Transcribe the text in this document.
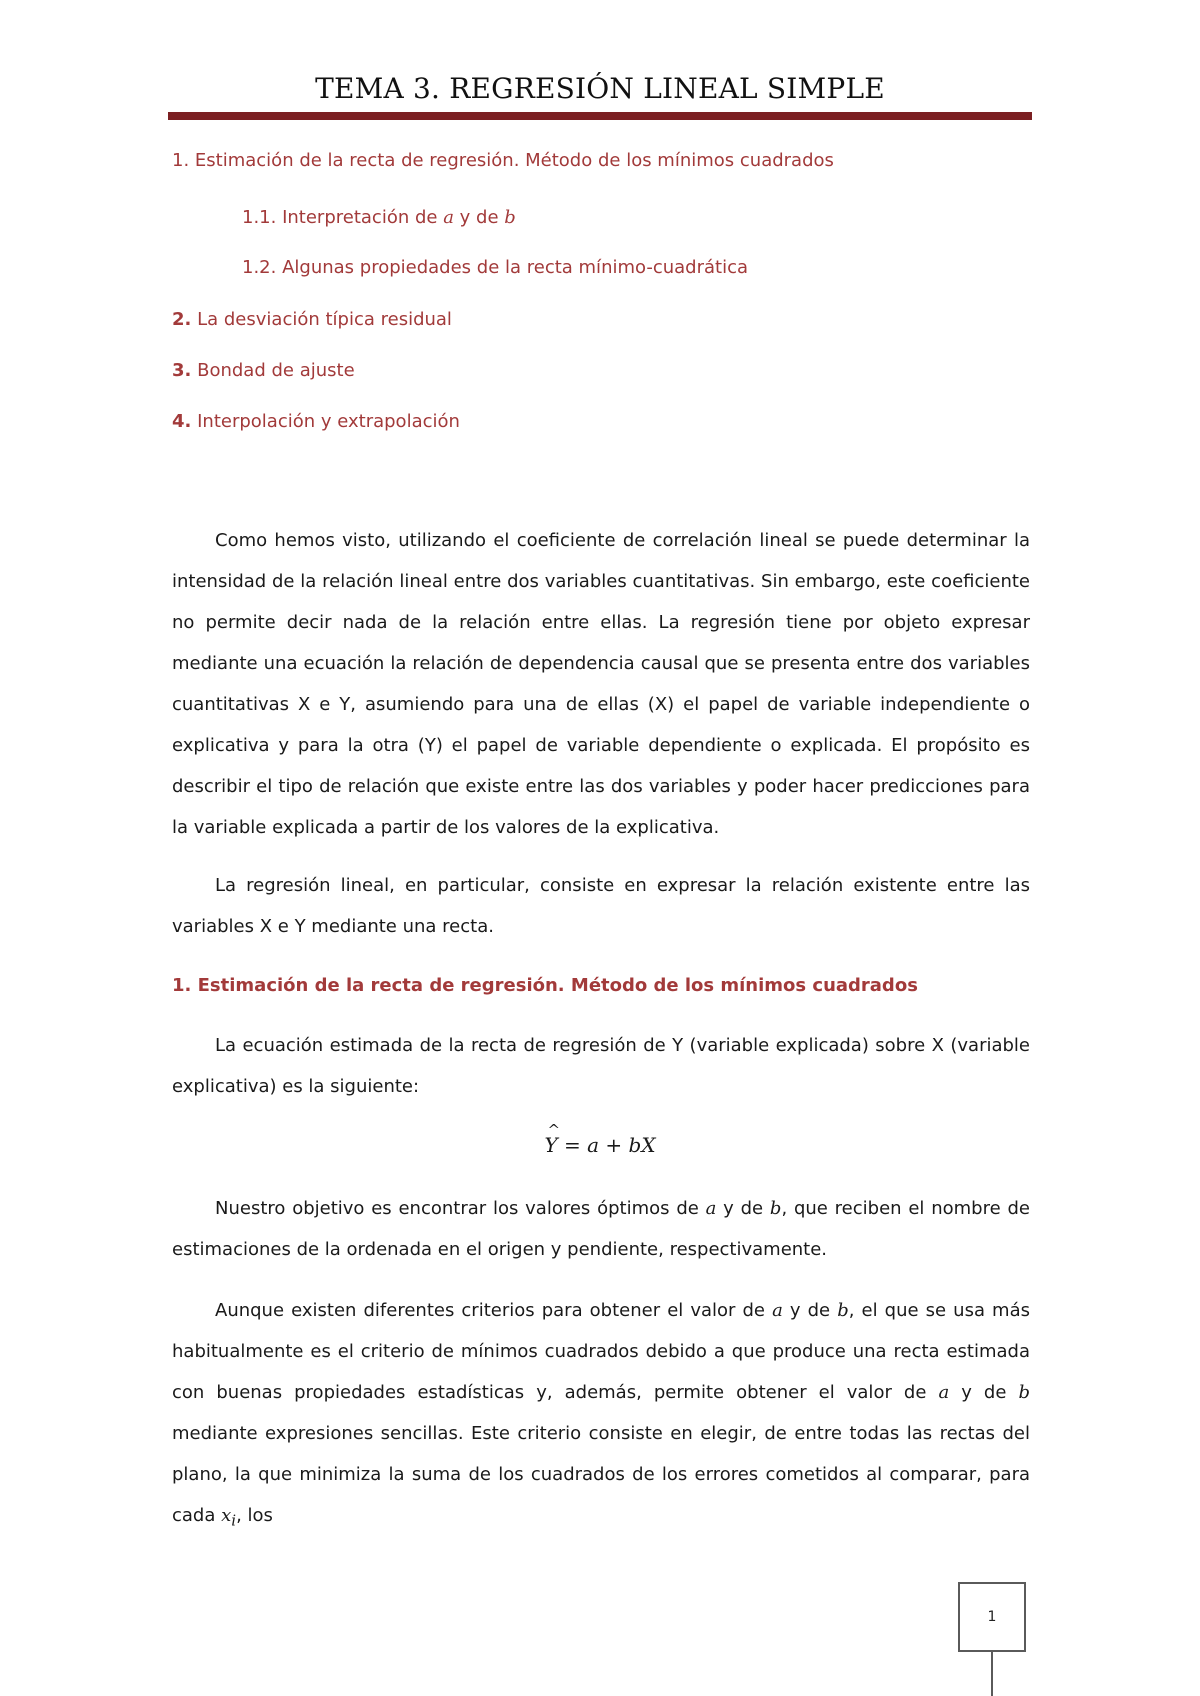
TEMA 3. REGRESIÓN LINEAL SIMPLE
1. Estimación de la recta de regresión. Método de los mínimos cuadrados
1.1. Interpretación de a y de b
1.2. Algunas propiedades de la recta mínimo-cuadrática
2. La desviación típica residual
3. Bondad de ajuste
4. Interpolación y extrapolación

Como hemos visto, utilizando el coeficiente de correlación lineal se puede determinar la intensidad de la relación lineal entre dos variables cuantitativas. Sin embargo, este coeficiente no permite decir nada de la relación entre ellas. La regresión tiene por objeto expresar mediante una ecuación la relación de dependencia causal que se presenta entre dos variables cuantitativas X e Y, asumiendo para una de ellas (X) el papel de variable independiente o explicativa y para la otra (Y) el papel de variable dependiente o explicada. El propósito es describir el tipo de relación que existe entre las dos variables y poder hacer predicciones para la variable explicada a partir de los valores de la explicativa.

La regresión lineal, en particular, consiste en expresar la relación existente entre las variables X e Y mediante una recta.

1. Estimación de la recta de regresión. Método de los mínimos cuadrados

La ecuación estimada de la recta de regresión de Y (variable explicada) sobre X (variable explicativa) es la siguiente:

^ Y = a + bX

Nuestro objetivo es encontrar los valores óptimos de a y de b, que reciben el nombre de estimaciones de la ordenada en el origen y pendiente, respectivamente.

Aunque existen diferentes criterios para obtener el valor de a y de b, el que se usa más habitualmente es el criterio de mínimos cuadrados debido a que produce una recta estimada con buenas propiedades estadísticas y, además, permite obtener el valor de a y de b mediante expresiones sencillas. Este criterio consiste en elegir, de entre todas las rectas del plano, la que minimiza la suma de los cuadrados de los errores cometidos al comparar, para cada $x_i$, los

1
